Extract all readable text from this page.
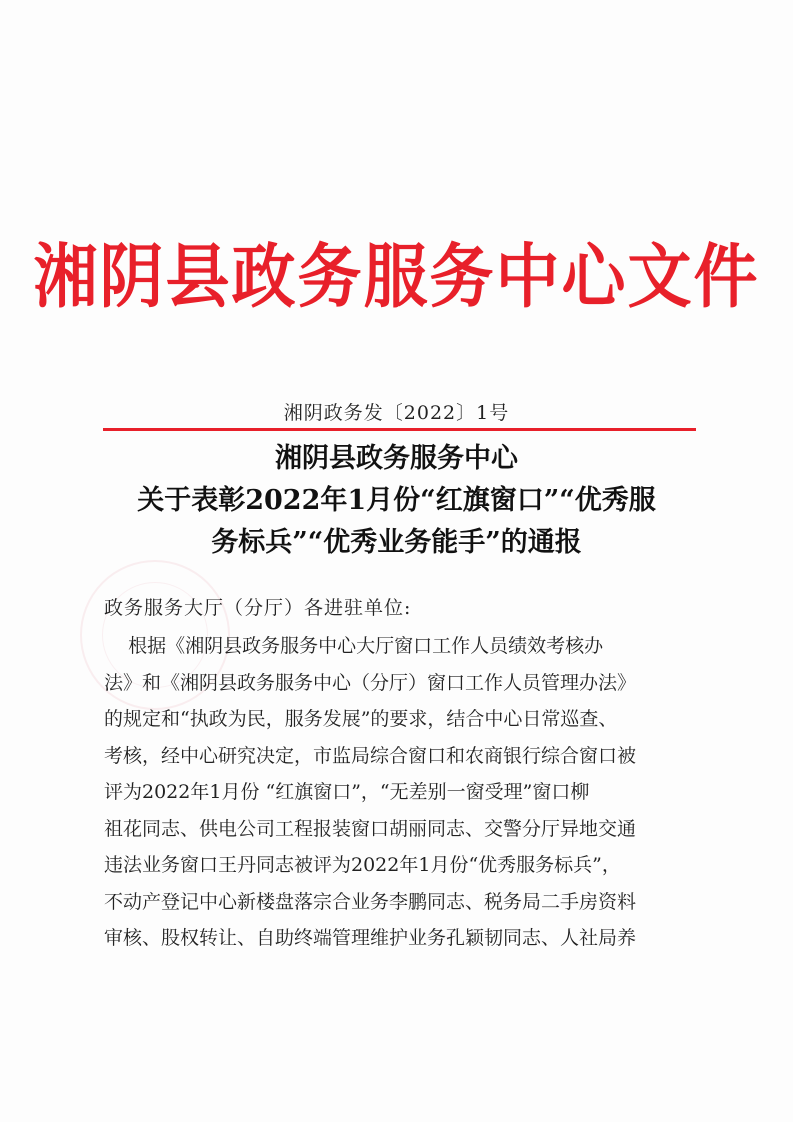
湘阴县政务服务中心文件
湘阴政务发〔2022〕1号
湘阴县政务服务中心
关于表彰2022年1月份“红旗窗口”“优秀服
务标兵”“优秀业务能手”的通报
政务服务大厅（分厅）各进驻单位:
根据《湘阴县政务服务中心大厅窗口工作人员绩效考核办
法》和《湘阴县政务服务中心（分厅）窗口工作人员管理办法》
的规定和“执政为民，服务发展”的要求，结合中心日常巡查、
考核，经中心研究决定，市监局综合窗口和农商银行综合窗口被
评为2022年1月份 “红旗窗口”，“无差别一窗受理”窗口柳
祖花同志、供电公司工程报装窗口胡丽同志、交警分厅异地交通
违法业务窗口王丹同志被评为2022年1月份“优秀服务标兵”，
不动产登记中心新楼盘落宗合业务李鹏同志、税务局二手房资料
审核、股权转让、自助终端管理维护业务孔颖韧同志、人社局养
